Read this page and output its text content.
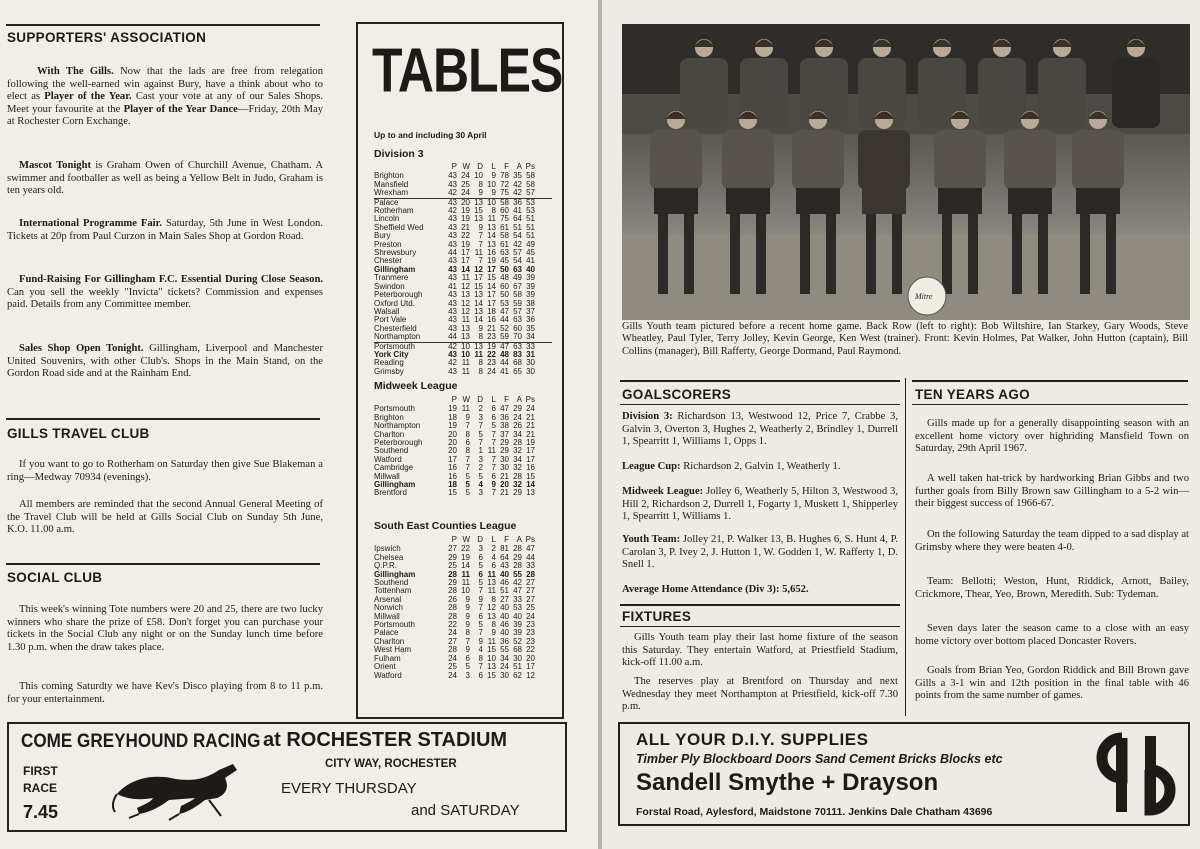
SUPPORTERS' ASSOCIATION

With The Gills. Now that the lads are free from relegation following the well-earned win against Bury, have a think about who to elect as Player of the Year. Cast your vote at any of our Sales Shops. Meet your favourite at the Player of the Year Dance—Friday, 20th May at Rochester Corn Exchange.

Mascot Tonight is Graham Owen of Churchill Avenue, Chatham. A swimmer and footballer as well as being a Yellow Belt in Judo, Graham is ten years old.

International Programme Fair. Saturday, 5th June in West London. Tickets at 20p from Paul Curzon in Main Sales Shop at Gordon Road.

Fund-Raising For Gillingham F.C. Essential During Close Season. Can you sell the weekly "Invicta" tickets? Commission and expenses paid. Details from any Committee member.

Sales Shop Open Tonight. Gillingham, Liverpool and Manchester United Souvenirs, with other Club's. Shops in the Main Stand, on the Gordon Road side and at the Rainham End.

GILLS TRAVEL CLUB

If you want to go to Rotherham on Saturday then give Sue Blakeman a ring—Medway 70934 (evenings).

All members are reminded that the second Annual General Meeting of the Travel Club will be held at Gills Social Club on Sunday 5th June, K.O. 11.00 a.m.

SOCIAL CLUB

This week's winning Tote numbers were 20 and 25, there are two lucky winners who share the prize of £58. Don't forget you can purchase your tickets in the Social Club any night or on the Sunday lunch time before 1.30 p.m. when the draw takes place.

This coming Saturdty we have Kev's Disco playing from 8 to 11 p.m. for your entertainment.

TABLES
Up to and including 30 April
Division 3
P W D	L	F A Ps
Brighton	43 24 10	9 78 35 58
Mansfield	43 25	8 10 72 42 58
Wrexham	42 24	9	9 75 42 57
Palace	43 20 13 10 58 36 53
Rotherham	42 19 15	8 60 41 53
Lincoln	43 19 13 11 75 64 51
Sheffield Wed	43 21	9 13 61 51 51
Bury	43 22	7 14 58 54 51
Preston	43 19	7 13 61 42 49
Shrewsbury	44 17 11 16 63 57 45
Chester	43 17	7 19 45 54 41
Gillingham	43 14 12 17 50 63 40
Tranmere	43 11 17 15 48 49 39
Swindon	41 12 15 14 60 67 39
Peterborough	43 13 13 17 50 58 39
Oxford Utd.	43 12 14 17 53 59 38
Walsall	43 12 13 18 47 57 37
Port Vale	43 11 14 16 44 63 36
Chesterfield	43 13	9 21 52 60 35
Northampton	44 13	8 23 59 70 34
Portsmouth	42 10 13 19 47 63 33
York City	43 10 11 22 48 83 31
Reading	42 11	8 23 44 68 30
Grimsby	43 11	8 24 41 65 30
Midweek League
P W D	L	F A Ps
Portsmouth	19 11	2	6 47 29 24
Brighton	18	9	3	6 36 24 21
Northampton	19	7	7	5 38 26 21
Charlton	20	8	5	7 37 34 21
Peterborough	20	6	7	7 29 28 19
Southend	20	8	1 11 29 32 17
Watford	17	7	3	7 30 34 17
Cambridge	16	7	2	7 30 32 16
Millwall	16	5	5	6 21 28 15
Gillingham	18	5	4	9 20 32 14
Brentford	15	5	3	7 21 29 13
South East Counties League
P W D	L	F A Ps
Ipswich	27 22	3	2 81 28 47
Chelsea	29 19	6	4 64 29 44
Q.P.R.	25 14	5	6 43 28 33
Gillingham	28 11	6 11 40 55 28
Southend	29 11	5 13 46 42 27
Tottenham	28 10	7 11 51 47 27
Arsenal	26	9	9	8 27 33 27
Norwich	28	9	7 12 40 53 25
Millwall	28	9	6 13 40 40 24
Portsmouth	22	9	5	8 46 39 23
Palace	24	8	7	9 40 39 23
Charlton	27	7	9 11 36 52 23
West Ham	28	9	4 15 55 68 22
Fulham	24	6	8 10 34 30 20
Orient	25	5	7 13 24 51 17
Watford	24	3	6 15 30 62 12
COME GREYHOUND RACING at ROCHESTER STADIUM
FIRST
RACE
7.45
CITY WAY, ROCHESTER
EVERY THURSDAY
and SATURDAY
Mitre

Gills Youth team pictured before a recent home game. Back Row (left to right): Bob Wiltshire, Ian Starkey, Gary Woods, Steve Wheatley, Paul Tyler, Terry Jolley, Kevin George, Ken West (trainer). Front: Kevin Holmes, Pat Walker, John Hutton (captain), Bill Collins (manager), Bill Rafferty, George Dormand, Paul Raymond.

GOALSCORERS

Division 3: Richardson 13, Westwood 12, Price 7, Crabbe 3, Galvin 3, Overton 3, Hughes 2, Weatherly 2, Brindley 1, Durrell 1, Spearritt 1, Williams 1, Opps 1.

League Cup: Richardson 2, Galvin 1, Weatherly 1.

Midweek League: Jolley 6, Weatherly 5, Hilton 3, Westwood 3, Hill 2, Richardson 2, Durrell 1, Fogarty 1, Muskett 1, Shipperley 1, Spearritt 1, Williams 1.

Youth Team: Jolley 21, P. Walker 13, B. Hughes 6, S. Hunt 4, P. Carolan 3, P. Ivey 2, J. Hutton 1, W. Godden 1, W. Rafferty 1, D. Snell 1.

Average Home Attendance (Div 3): 5,652.

FIXTURES

Gills Youth team play their last home fixture of the season this Saturday. They entertain Watford, at Priestfield Stadium, kick-off 11.00 a.m.

The reserves play at Brentford on Thursday and next Wednesday they meet Northampton at Priestfield, kick-off 7.30 p.m.

TEN YEARS AGO

Gills made up for a generally disappointing season with an excellent home victory over highriding Mansfield Town on Saturday, 29th April 1967.

A well taken hat-trick by hardworking Brian Gibbs and two further goals from Billy Brown saw Gillingham to a 5-2 win—their biggest success of 1966-67.

On the following Saturday the team dipped to a sad display at Grimsby where they were beaten 4-0.

Team: Bellotti; Weston, Hunt, Riddick, Arnott, Bailey, Crickmore, Thear, Yeo, Brown, Meredith. Sub: Tydeman.

Seven days later the season came to a close with an easy home victory over bottom placed Doncaster Rovers.

Goals from Brian Yeo, Gordon Riddick and Bill Brown gave Gills a 3-1 win and 12th position in the final table with 46 points from the same number of games.

ALL YOUR D.I.Y. SUPPLIES
Timber Ply Blockboard Doors Sand Cement Bricks Blocks etc
Sandell Smythe + Drayson
Forstal Road, Aylesford, Maidstone 70111. Jenkins Dale Chatham 43696
